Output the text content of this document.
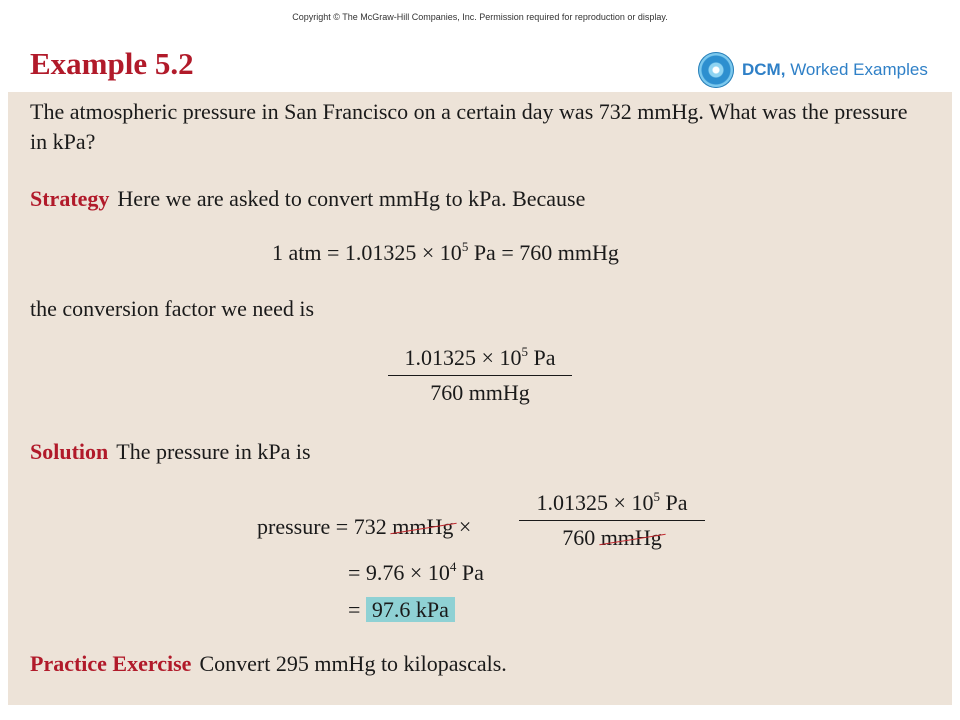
Copyright © The McGraw-Hill Companies, Inc. Permission required for reproduction or display.
Example 5.2	DCM, Worked Examples
The atmospheric pressure in San Francisco on a certain day was 732 mmHg. What was the pressure in kPa?
Strategy Here we are asked to convert mmHg to kPa. Because
1 atm = $1.01325 \times 10^5$ Pa = 760 mmHg
the conversion factor we need is
$1.01325 \times 10^5$ Pa
760 mmHg
Solution The pressure in kPa is
pressure = 732 mmHg ×
$1.01325 \times 10^5$ Pa
760 mmHg
= $9.76 \times 10^4$ Pa
= 97.6 kPa
Practice Exercise Convert 295 mmHg to kilopascals.
